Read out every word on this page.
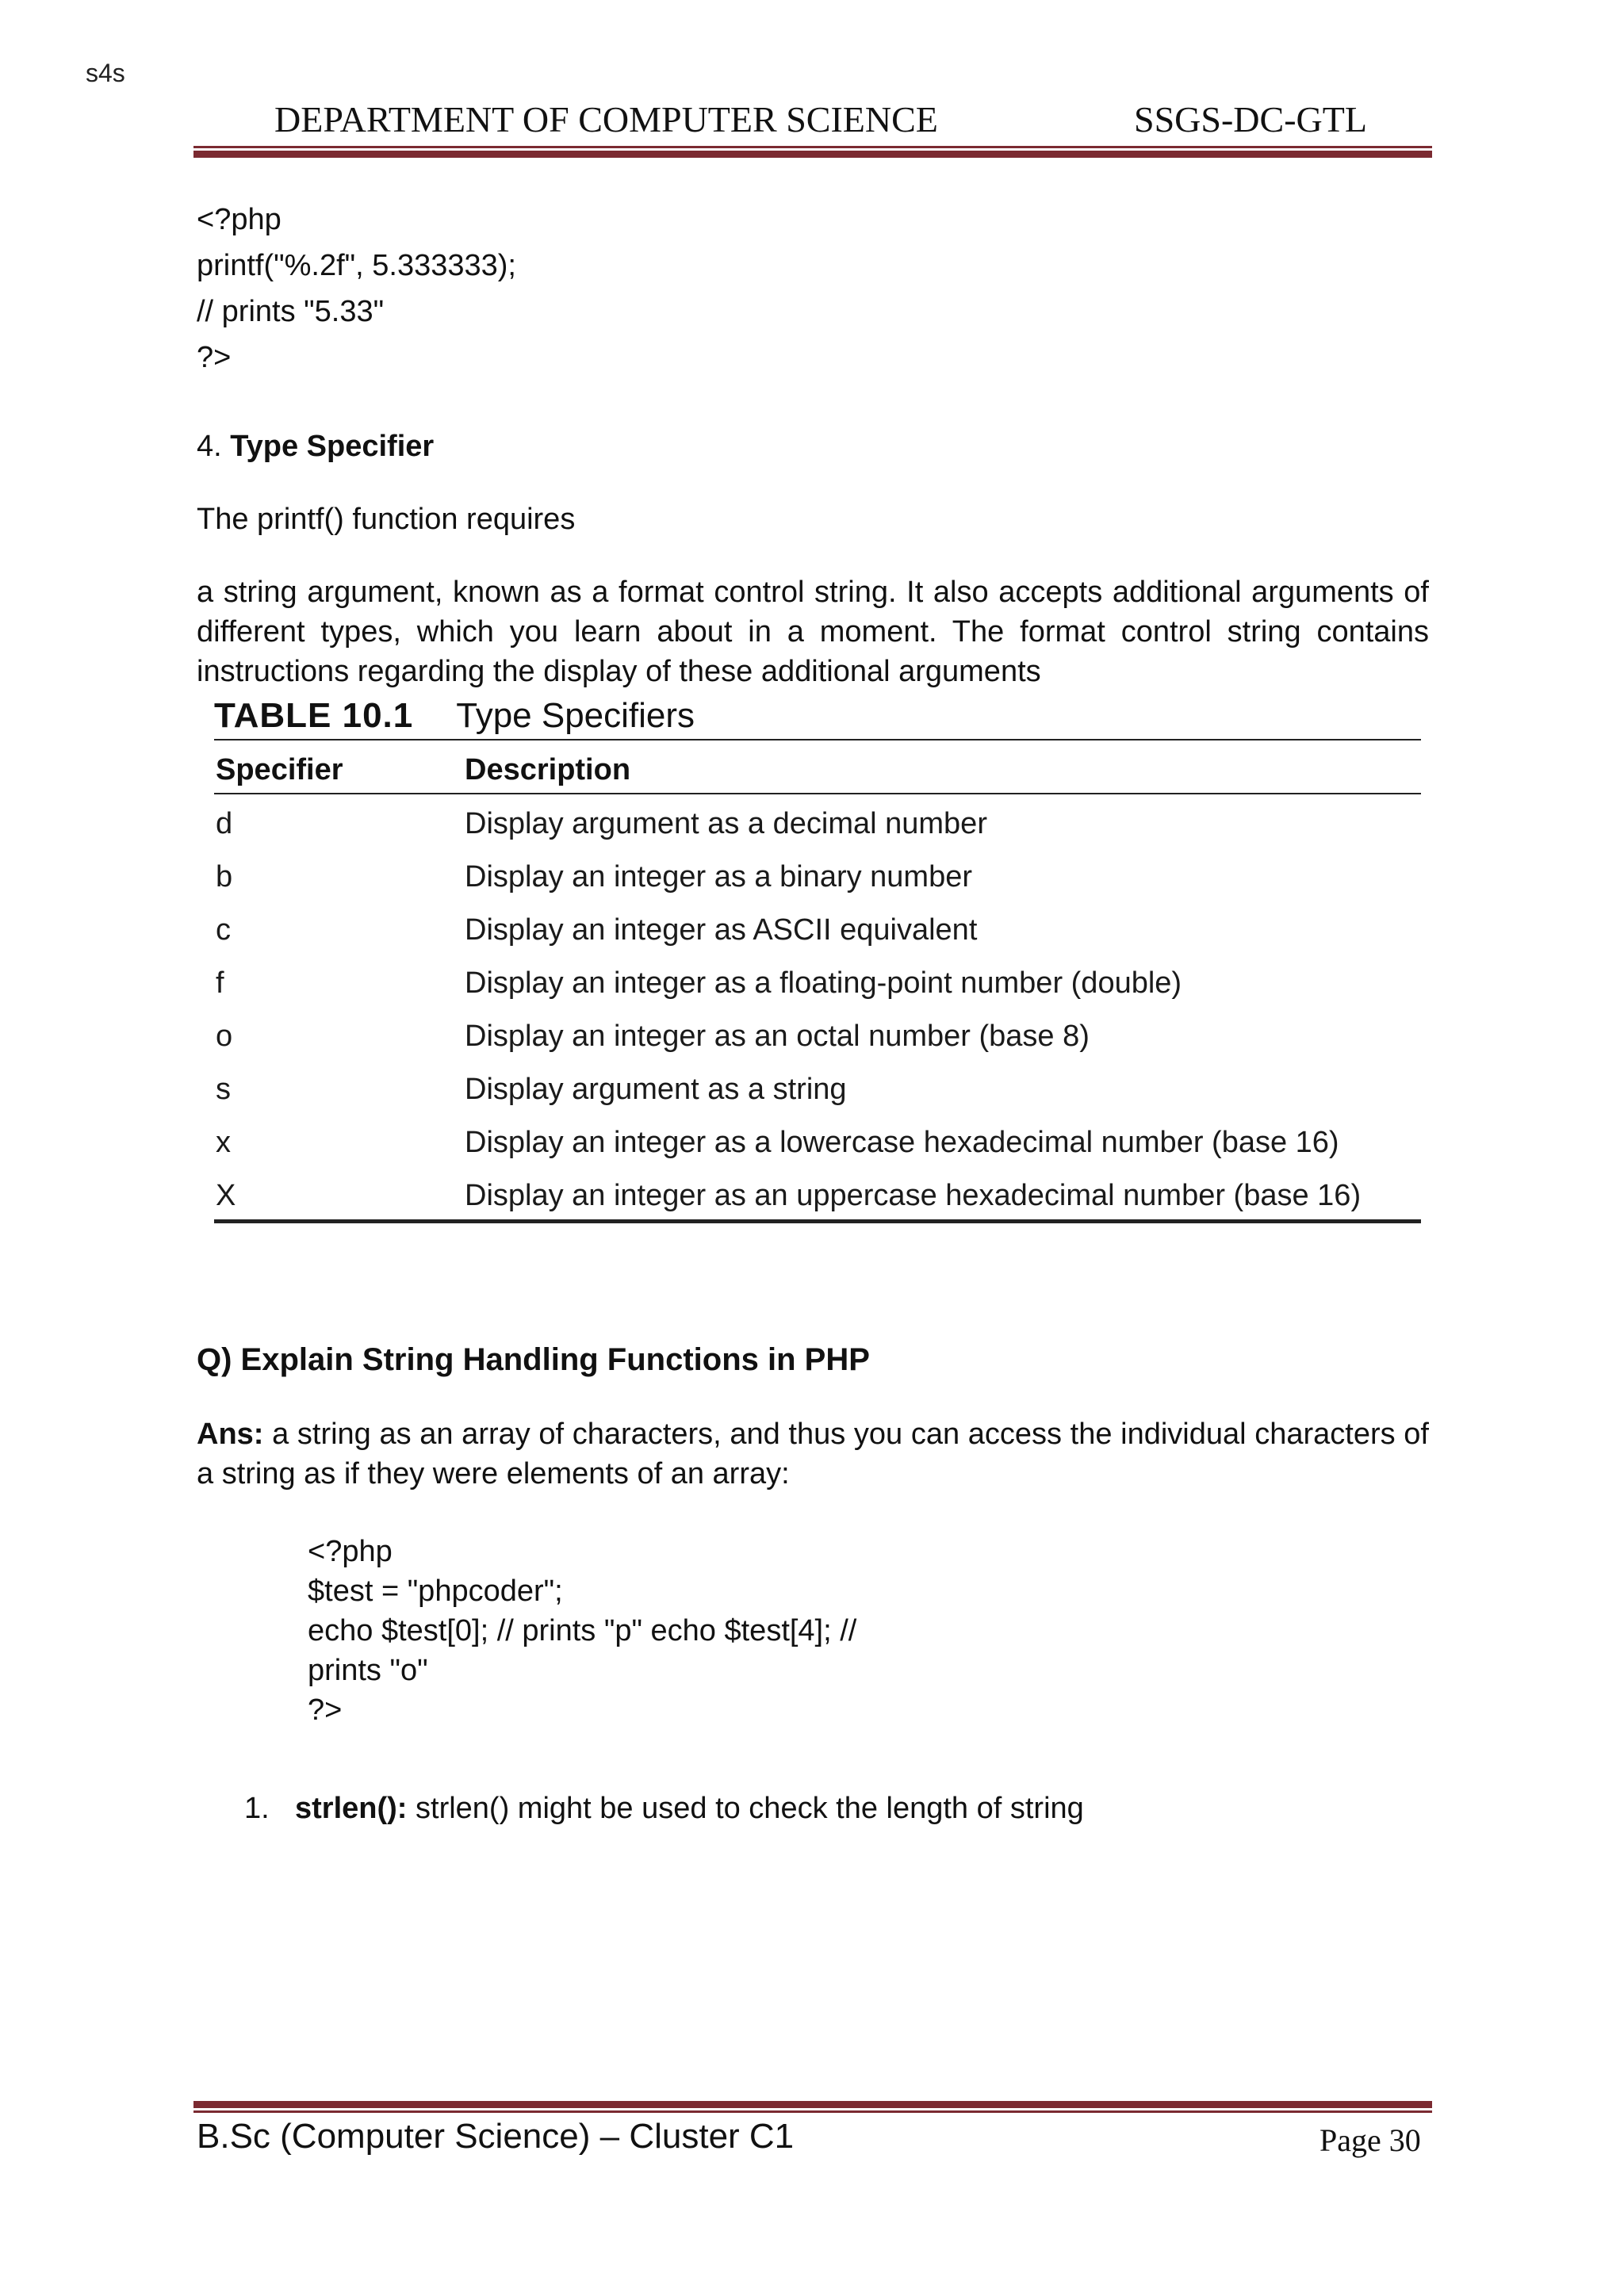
s4s
DEPARTMENT OF COMPUTER SCIENCE	SSGS-DC-GTL
<?php
printf("%.2f", 5.333333);
// prints "5.33"
?>
4. Type Specifier
The printf() function requires
a string argument, known as a format control string. It also accepts additional arguments of different types, which you learn about in a moment. The format control string contains instructions regarding the display of these additional arguments
TABLE 10.1 Type Specifiers
Specifier	Description
d	Display argument as a decimal number
b	Display an integer as a binary number
c	Display an integer as ASCII equivalent
f	Display an integer as a floating-point number (double)
o	Display an integer as an octal number (base 8)
s	Display argument as a string
x	Display an integer as a lowercase hexadecimal number (base 16)
X	Display an integer as an uppercase hexadecimal number (base 16)
Q) Explain String Handling Functions in PHP
Ans: a string as an array of characters, and thus you can access the individual characters of a string as if they were elements of an array:
<?php
$test = "phpcoder";
echo $test[0]; // prints "p" echo $test[4]; //
prints "o"
?>
1. strlen(): strlen() might be used to check the length of string
B.Sc (Computer Science) – Cluster C1	Page 30
